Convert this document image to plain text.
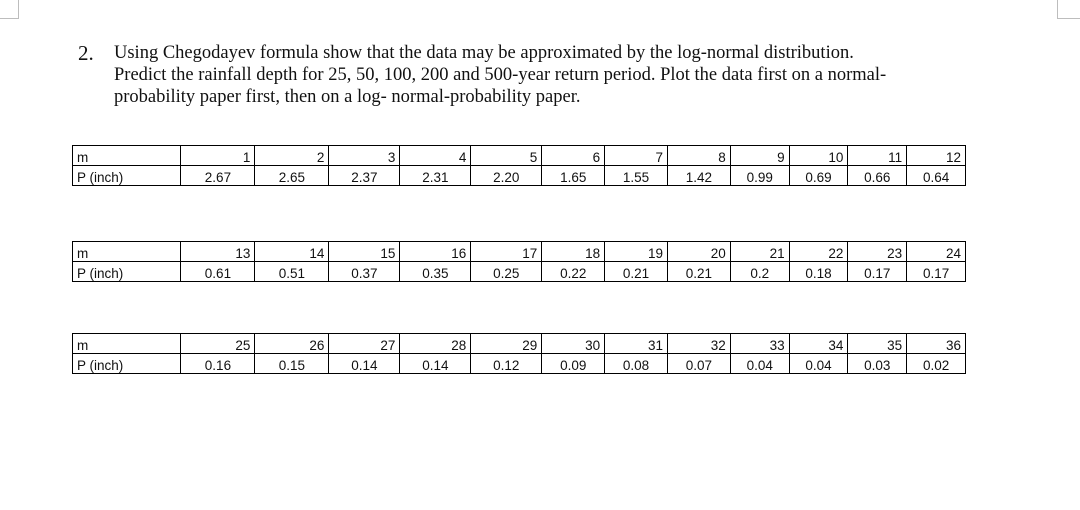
2. Using Chegodayev formula show that the data may be approximated by the log-normal distribution.
Predict the rainfall depth for 25, 50, 100, 200 and 500-year return period. Plot the data first on a normal-
probability paper first, then on a log- normal-probability paper.
m	1	2	3	4	5	6	7	8	9	10	11	12
P (inch)	2.67	2.65	2.37	2.31	2.20	1.65	1.55	1.42	0.99	0.69	0.66	0.64
m	13	14	15	16	17	18	19	20	21	22	23	24
P (inch)	0.61	0.51	0.37	0.35	0.25	0.22	0.21	0.21	0.2	0.18	0.17	0.17
m	25	26	27	28	29	30	31	32	33	34	35	36
P (inch)	0.16	0.15	0.14	0.14	0.12	0.09	0.08	0.07	0.04	0.04	0.03	0.02
